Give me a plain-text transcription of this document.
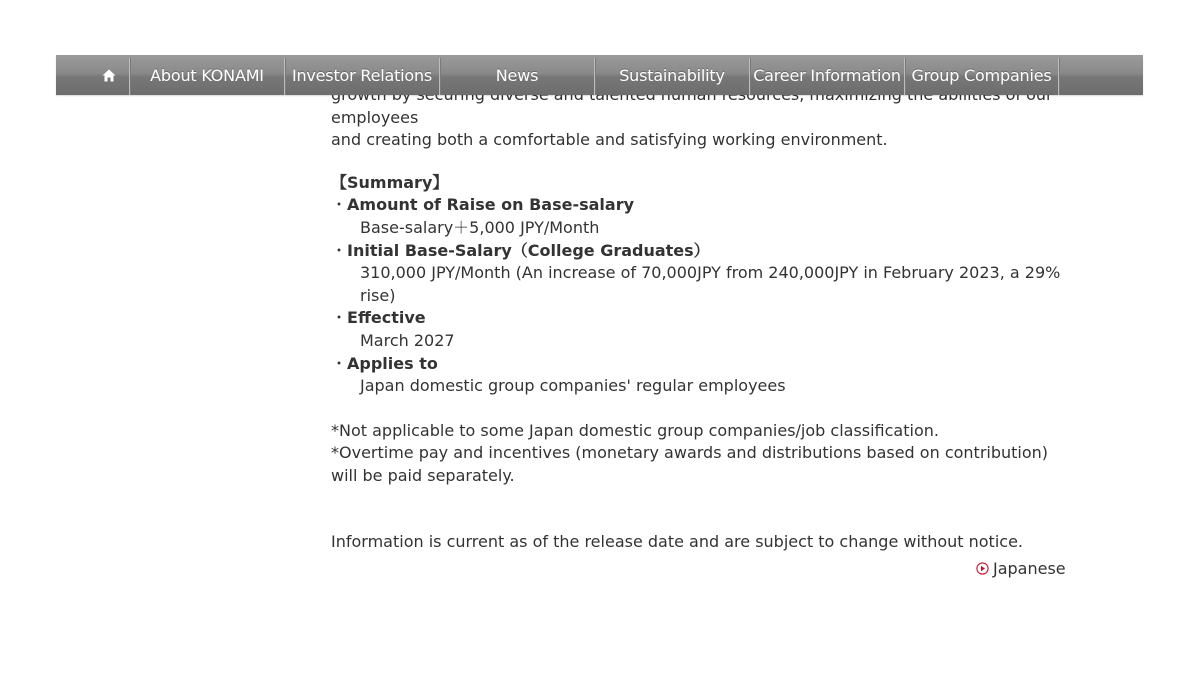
About KONAMI	Investor Relations	News	Sustainability	Career Information Group Companies

employees

and creating both a comfortable and satisfying working environment.

【Summary】

・Amount of Raise on Base-salary

Base-salary＋5,000 JPY/Month

・Initial Base-Salary（College Graduates）

310,000 JPY/Month (An increase of 70,000JPY from 240,000JPY in February 2023, a 29% rise)

・Effective

March 2027

・Applies to

Japan domestic group companies' regular employees

*Not applicable to some Japan domestic group companies/job classification.

*Overtime pay and incentives (monetary awards and distributions based on contribution) will be paid separately.

Information is current as of the release date and are subject to change without notice.

Japanese
